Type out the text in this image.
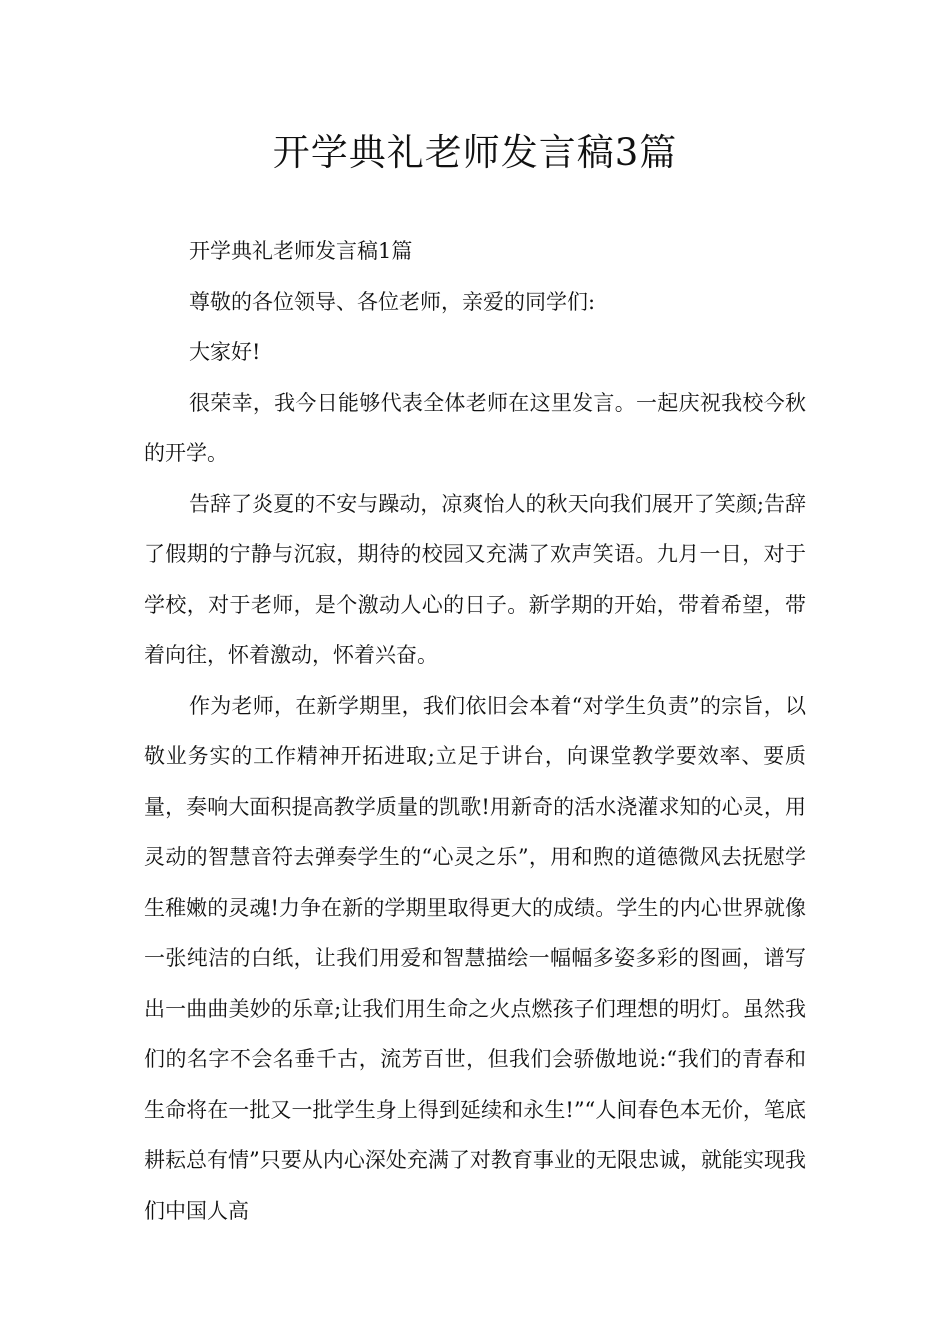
开学典礼老师发言稿3篇

开学典礼老师发言稿1篇

尊敬的各位领导、各位老师，亲爱的同学们:

大家好!

很荣幸，我今日能够代表全体老师在这里发言。一起庆祝我校今秋的开学。

告辞了炎夏的不安与躁动，凉爽怡人的秋天向我们展开了笑颜;告辞了假期的宁静与沉寂，期待的校园又充满了欢声笑语。九月一日，对于学校，对于老师，是个激动人心的日子。新学期的开始，带着希望，带着向往，怀着激动，怀着兴奋。

作为老师，在新学期里，我们依旧会本着“对学生负责”的宗旨，以敬业务实的工作精神开拓进取;立足于讲台，向课堂教学要效率、要质量，奏响大面积提高教学质量的凯歌!用新奇的活水浇灌求知的心灵，用灵动的智慧音符去弹奏学生的“心灵之乐”，用和煦的道德微风去抚慰学生稚嫩的灵魂!力争在新的学期里取得更大的成绩。学生的内心世界就像一张纯洁的白纸，让我们用爱和智慧描绘一幅幅多姿多彩的图画，谱写出一曲曲美妙的乐章;让我们用生命之火点燃孩子们理想的明灯。虽然我们的名字不会名垂千古，流芳百世，但我们会骄傲地说:“我们的青春和生命将在一批又一批学生身上得到延续和永生!”“人间春色本无价，笔底耕耘总有情”只要从内心深处充满了对教育事业的无限忠诚，就能实现我们中国人高
